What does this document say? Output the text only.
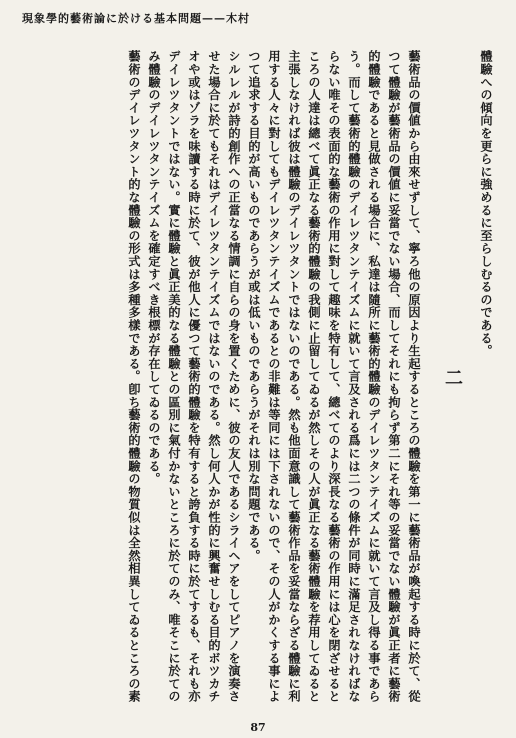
現象學的藝術論に於ける基本問題——木村

體驗への傾向を更らに強めるに至らしむるのである。

二

藝術品の價値から由來せずして、寧ろ他の原因より生起するところの體驗を第一に藝術品が喚起する時に於て、從つて體驗が藝術品の價値に妥當でない場合、而してそれにも拘らず第二にそれ等の妥當でない體驗が眞正者に藝術的體驗であると見做される場合に、私達は隨所に藝術的體驗のデイレツタンテイズムに就いて言及し得る事であらう。而して藝術的體驗のデイレツタンテイズムに就いて言及される爲には二つの條件が同時に滿足されなければならない唯その表面的な藝術の作用に對して趣味を特有して、總べてのより深長なる藝術の作用には心を閉ざせるところの人達は總べて眞正なる藝術的體驗の我側に止留してゐるが然しその人が眞正なる藝術體驗を荐用してゐると主張しなければ彼は體驗のデイレツタントではないのである。然も他面意識して藝術作品を妥當ならざる體驗に利用する人々に對してもデイレツタンテイズムであるとの非難は等同には下されないので、その人がかくする事によつて追求する目的が高いものであらうが或は低いものであらうがそれは別な問題である。

シルレルが詩的創作への正當なる情調に自らの身を置くために、彼の友人であるシライヘアをしてピアノを演奏させた場合に於てもそれはデイレツタンテイズムではないのである。然し何人かが性的に興奮せしむる目的ボツカチオや或はゾラを味讀する時に於て、彼が他人に優つて藝術的體驗を特有すると誇負する時に於てするも、それも亦デイレツタントではない。實に體驗と眞正美的なる體驗との區別に氣付かないところに於てのみ、唯そこに於てのみ體驗のデイレツタンテイズムを確定すべき根標が存在してゐるのである。

藝術のデイレツタント的な體驗の形式は多種多樣である。卽ち藝術的體驗の物質似は全然相異してゐるところの素

87
